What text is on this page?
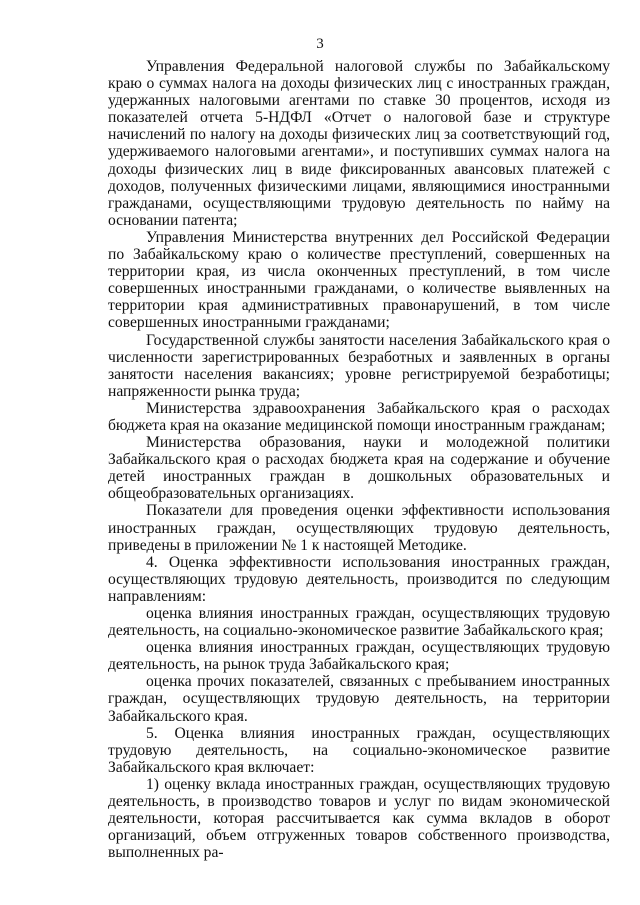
3

Управления Федеральной налоговой службы по Забайкальскому краю о суммах налога на доходы физических лиц с иностранных граждан, удержанных налоговыми агентами по ставке 30 процентов, исходя из показателей отчета 5-НДФЛ «Отчет о налоговой базе и структуре начислений по налогу на доходы физических лиц за соответствующий год, удерживаемого налоговыми агентами», и поступивших суммах налога на доходы физических лиц в виде фиксированных авансовых платежей с доходов, полученных физическими лицами, являющимися иностранными гражданами, осуществляющими трудовую деятельность по найму на основании патента;

Управления Министерства внутренних дел Российской Федерации по Забайкальскому краю о количестве преступлений, совершенных на территории края, из числа оконченных преступлений, в том числе совершенных иностранными гражданами, о количестве выявленных на территории края административных правонарушений, в том числе совершенных иностранными гражданами;

Государственной службы занятости населения Забайкальского края о численности зарегистрированных безработных и заявленных в органы занятости населения вакансиях; уровне регистрируемой безработицы; напряженности рынка труда;

Министерства здравоохранения Забайкальского края о расходах бюджета края на оказание медицинской помощи иностранным гражданам;

Министерства образования, науки и молодежной политики Забайкальского края о расходах бюджета края на содержание и обучение детей иностранных граждан в дошкольных образовательных и общеобразовательных организациях.

Показатели для проведения оценки эффективности использования иностранных граждан, осуществляющих трудовую деятельность, приведены в приложении № 1 к настоящей Методике.

4. Оценка эффективности использования иностранных граждан, осуществляющих трудовую деятельность, производится по следующим направлениям:

оценка влияния иностранных граждан, осуществляющих трудовую деятельность, на социально-экономическое развитие Забайкальского края;

оценка влияния иностранных граждан, осуществляющих трудовую деятельность, на рынок труда Забайкальского края;

оценка прочих показателей, связанных с пребыванием иностранных граждан, осуществляющих трудовую деятельность, на территории Забайкальского края.

5. Оценка влияния иностранных граждан, осуществляющих трудовую деятельность, на социально-экономическое развитие Забайкальского края включает:

1) оценку вклада иностранных граждан, осуществляющих трудовую деятельность, в производство товаров и услуг по видам экономической деятельности, которая рассчитывается как сумма вкладов в оборот организаций, объем отгруженных товаров собственного производства, выполненных ра-
